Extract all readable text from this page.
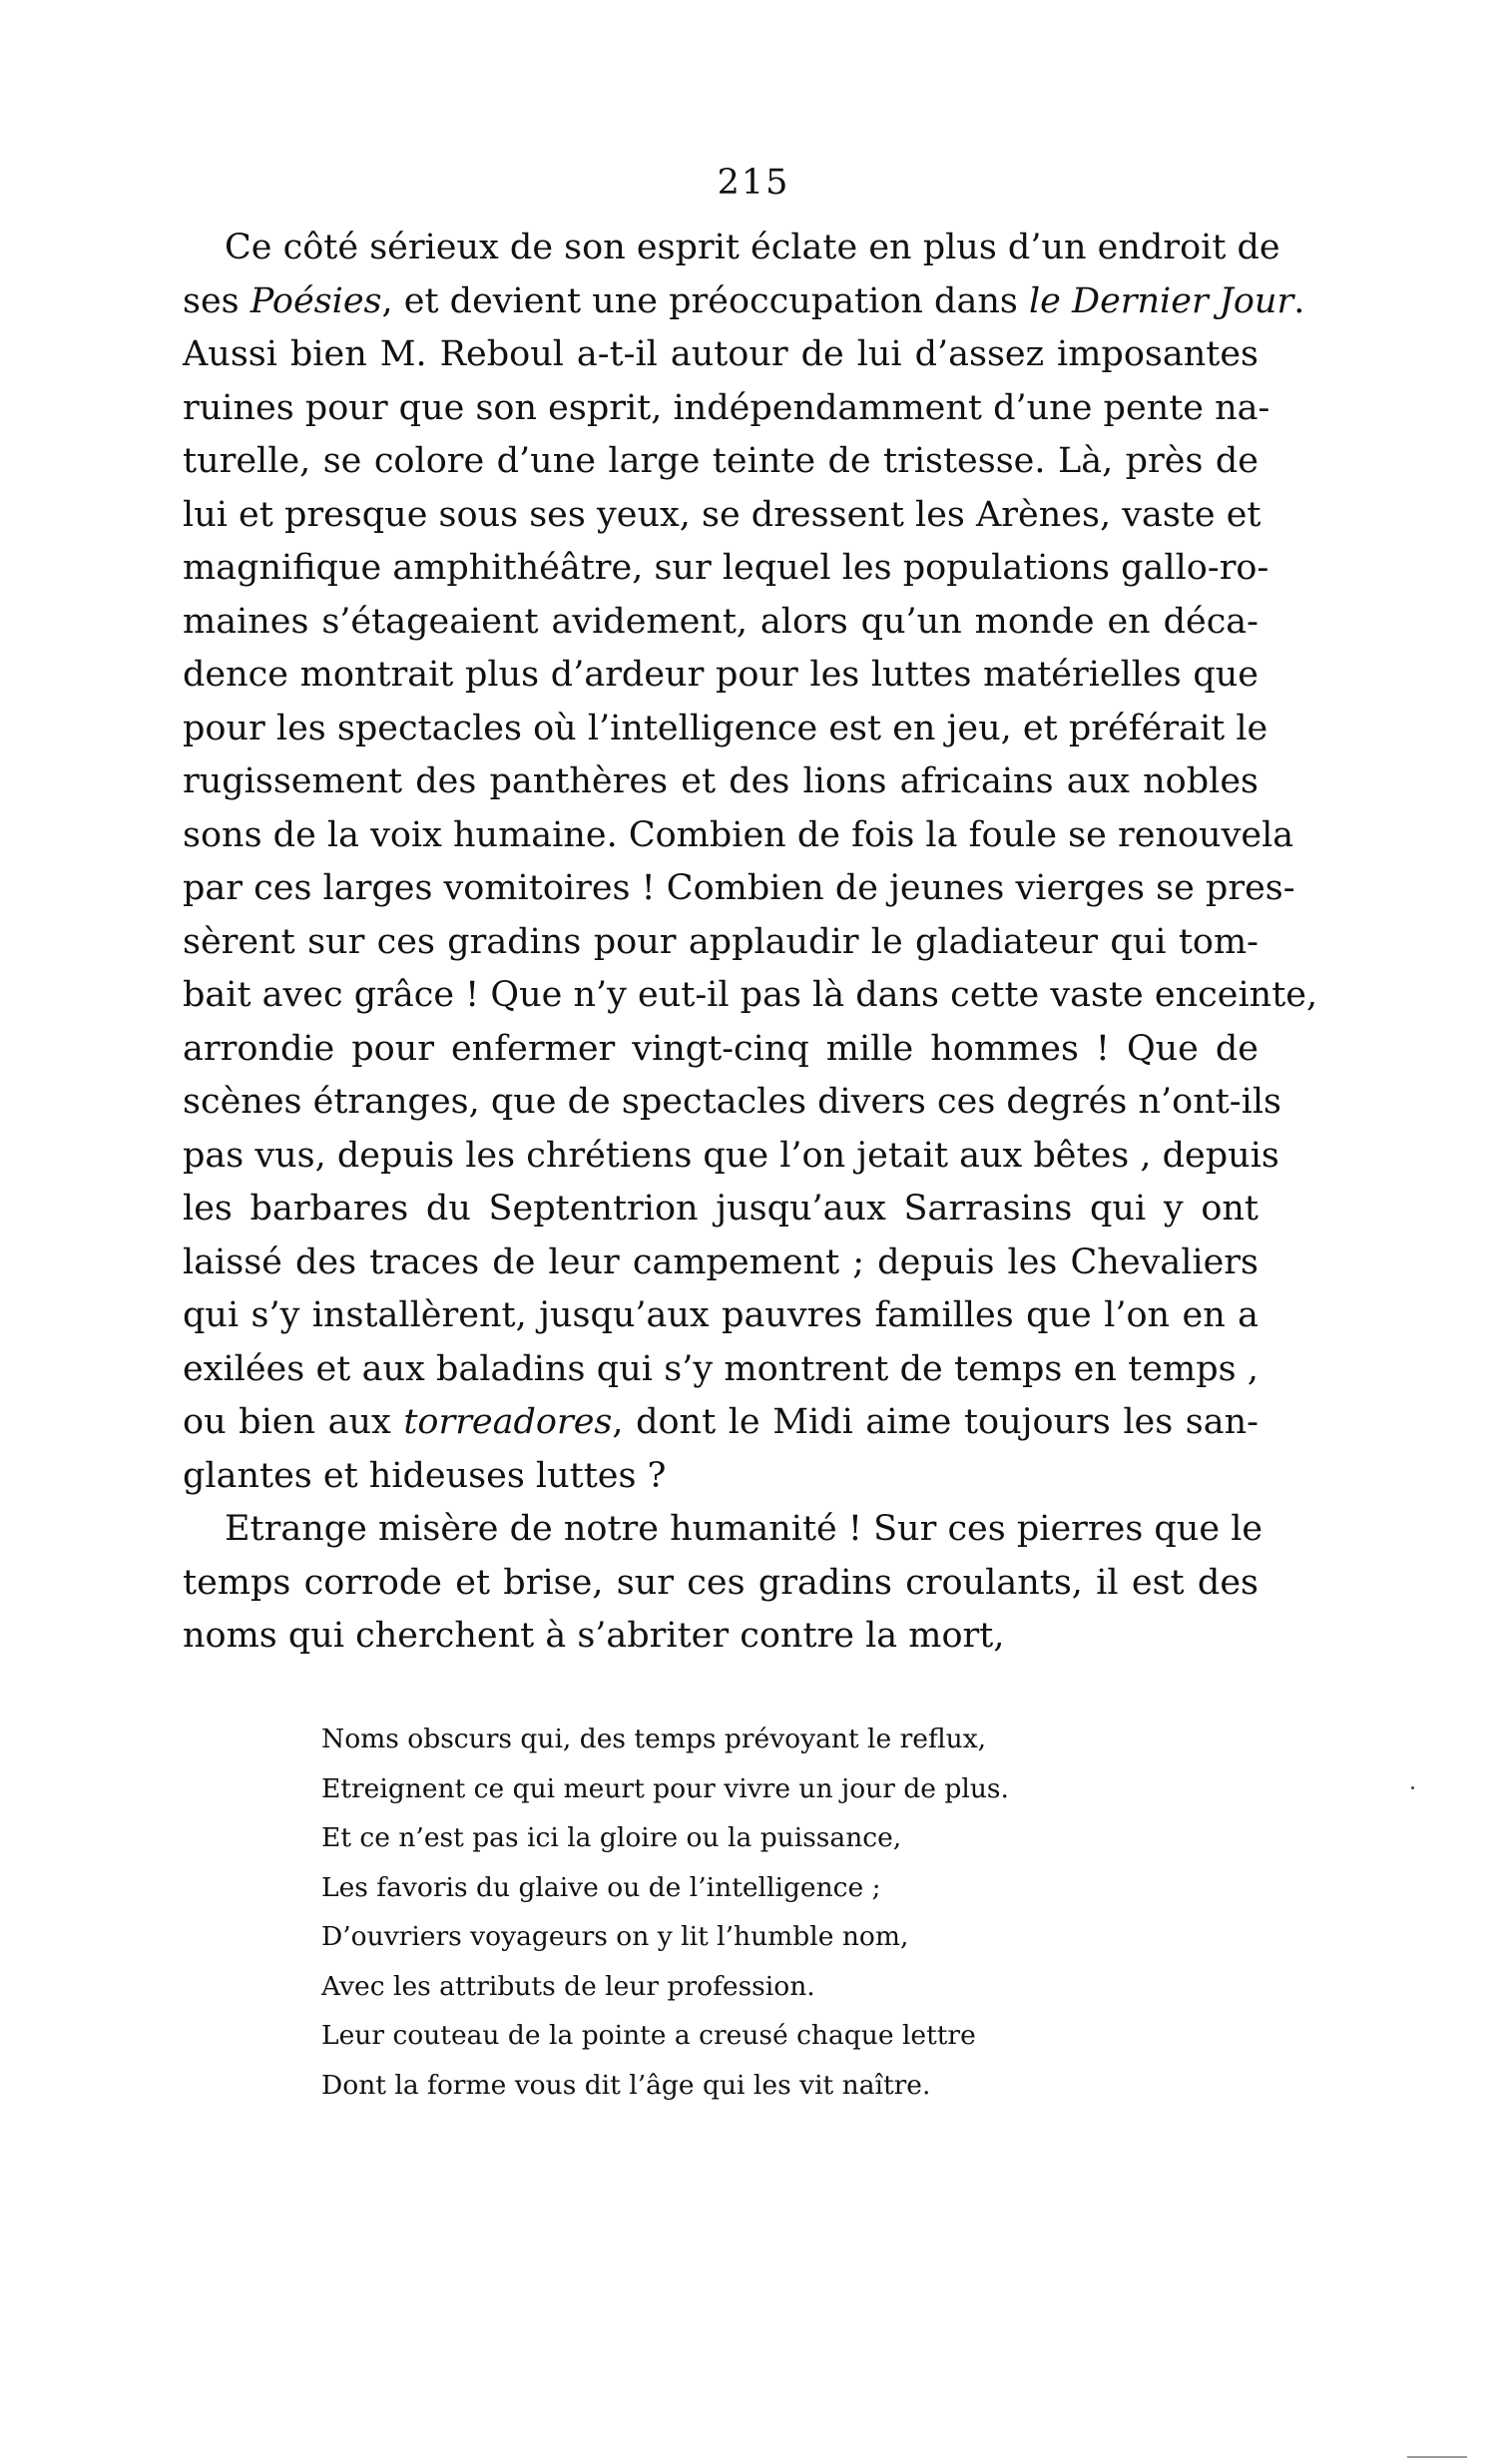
215
Ce côté sérieux de son esprit éclate en plus d’un endroit de
ses Poésies, et devient une préoccupation dans le Dernier Jour.
Aussi bien M. Reboul a-t-il autour de lui d’assez imposantes
ruines pour que son esprit, indépendamment d’une pente na-
turelle, se colore d’une large teinte de tristesse. Là, près de
lui et presque sous ses yeux, se dressent les Arènes, vaste et
magnifique amphithéâtre, sur lequel les populations gallo-ro-
maines s’étageaient avidement, alors qu’un monde en déca-
dence montrait plus d’ardeur pour les luttes matérielles que
pour les spectacles où l’intelligence est en jeu, et préférait le
rugissement des panthères et des lions africains aux nobles
sons de la voix humaine. Combien de fois la foule se renouvela
par ces larges vomitoires ! Combien de jeunes vierges se pres-
sèrent sur ces gradins pour applaudir le gladiateur qui tom-
bait avec grâce ! Que n’y eut-il pas là dans cette vaste enceinte,
arrondie pour enfermer vingt-cinq mille hommes ! Que de
scènes étranges, que de spectacles divers ces degrés n’ont-ils
pas vus, depuis les chrétiens que l’on jetait aux bêtes , depuis
les barbares du Septentrion jusqu’aux Sarrasins qui y ont
laissé des traces de leur campement ; depuis les Chevaliers
qui s’y installèrent, jusqu’aux pauvres familles que l’on en a
exilées et aux baladins qui s’y montrent de temps en temps ,
ou bien aux torreadores, dont le Midi aime toujours les san-
glantes et hideuses luttes ?
Etrange misère de notre humanité ! Sur ces pierres que le
temps corrode et brise, sur ces gradins croulants, il est des
noms qui cherchent à s’abriter contre la mort,
Noms obscurs qui, des temps prévoyant le reflux,
Etreignent ce qui meurt pour vivre un jour de plus.
Et ce n’est pas ici la gloire ou la puissance,
Les favoris du glaive ou de l’intelligence ;
D’ouvriers voyageurs on y lit l’humble nom,
Avec les attributs de leur profession.
Leur couteau de la pointe a creusé chaque lettre
Dont la forme vous dit l’âge qui les vit naître.
